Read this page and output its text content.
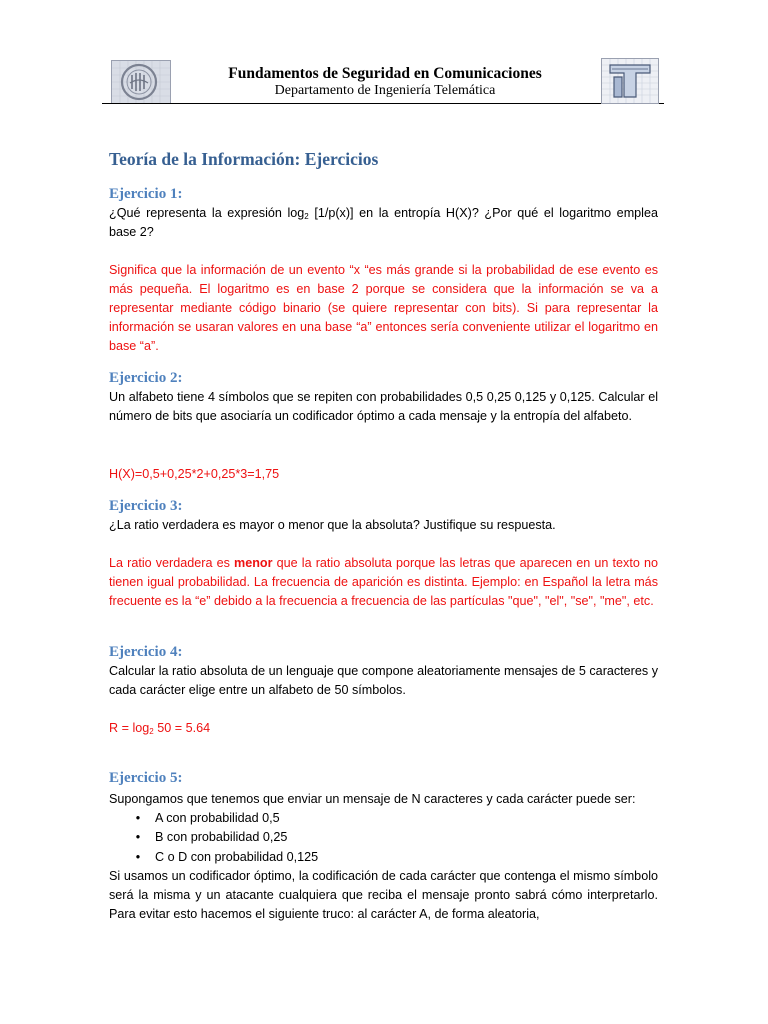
Fundamentos de Seguridad en Comunicaciones
Departamento de Ingeniería Telemática
Teoría de la Información: Ejercicios
Ejercicio 1:
¿Qué representa la expresión $\log_2 [1/p(x)]$ en la entropía H(X)? ¿Por qué el logaritmo emplea base 2?
Significa que la información de un evento “x “es más grande si la probabilidad de ese evento es más pequeña. El logaritmo es en base 2 porque se considera que la información se va a representar mediante código binario (se quiere representar con bits). Si para representar la información se usaran valores en una base “a” entonces sería conveniente utilizar el logaritmo en base “a”.
Ejercicio 2:
Un alfabeto tiene 4 símbolos que se repiten con probabilidades 0,5 0,25 0,125 y 0,125. Calcular el número de bits que asociaría un codificador óptimo a cada mensaje y la entropía del alfabeto.
H(X)=0,5+0,25*2+0,25*3=1,75
Ejercicio 3:
¿La ratio verdadera es mayor o menor que la absoluta? Justifique su respuesta.
La ratio verdadera es menor que la ratio absoluta porque las letras que aparecen en un texto no tienen igual probabilidad. La frecuencia de aparición es distinta. Ejemplo: en Español la letra más frecuente es la “e” debido a la frecuencia a frecuencia de las partículas "que", "el", "se", "me", etc.
Ejercicio 4:
Calcular la ratio absoluta de un lenguaje que compone aleatoriamente mensajes de 5 caracteres y cada carácter elige entre un alfabeto de 50 símbolos.
$R = \log_2 50 = 5.64$
Ejercicio 5:
Supongamos que tenemos que enviar un mensaje de N caracteres y cada carácter puede ser:
•	A con probabilidad 0,5
•	B con probabilidad 0,25
•	C o D con probabilidad 0,125
Si usamos un codificador óptimo, la codificación de cada carácter que contenga el mismo símbolo será la misma y un atacante cualquiera que reciba el mensaje pronto sabrá cómo interpretarlo. Para evitar esto hacemos el siguiente truco: al carácter A, de forma aleatoria,
